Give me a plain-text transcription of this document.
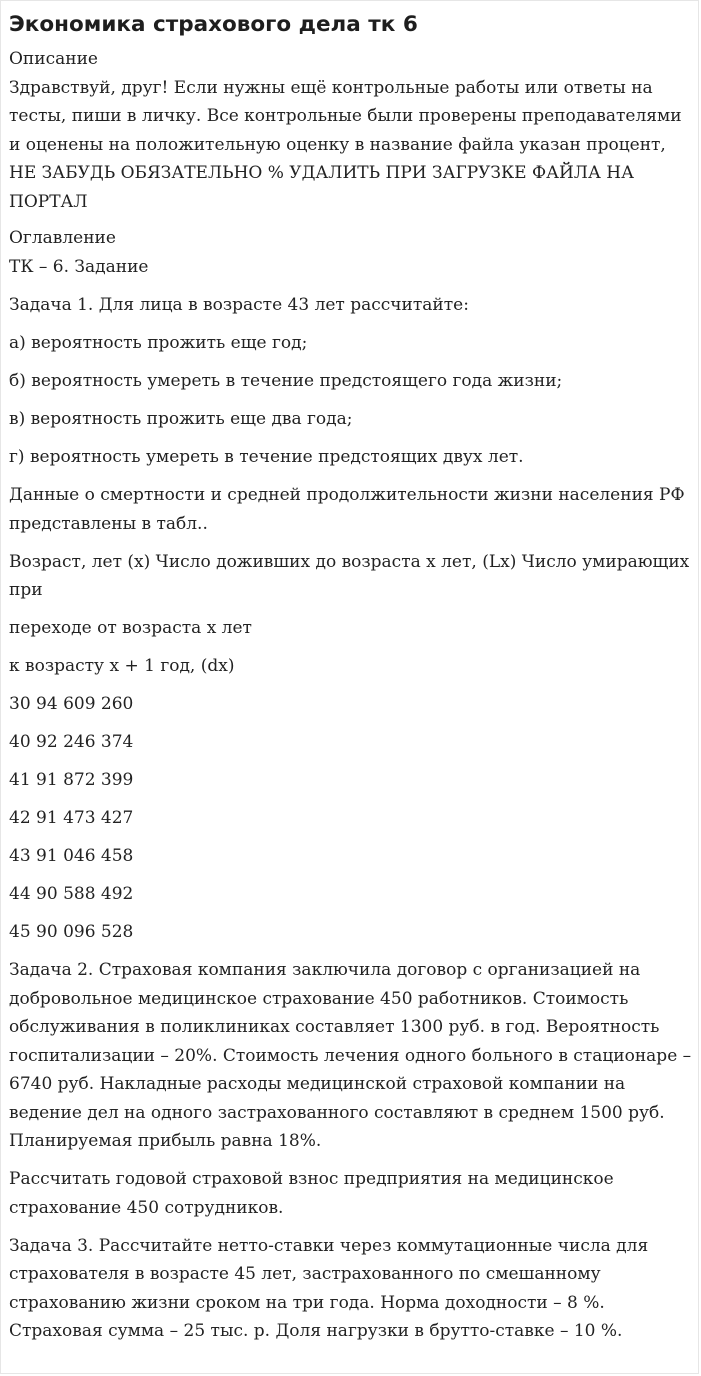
Экономика страхового дела тк 6
Описание
Здравствуй, друг! Если нужны ещё контрольные работы или ответы на тесты, пиши в личку. Все контрольные были проверены преподавателями и оценены на положительную оценку в название файла указан процент, НЕ ЗАБУДЬ ОБЯЗАТЕЛЬНО % УДАЛИТЬ ПРИ ЗАГРУЗКЕ ФАЙЛА НА ПОРТАЛ
Оглавление
ТК – 6. Задание

Задача 1. Для лица в возрасте 43 лет рассчитайте:

а) вероятность прожить еще год;

б) вероятность умереть в течение предстоящего года жизни;

в) вероятность прожить еще два года;

г) вероятность умереть в течение предстоящих двух лет.

Данные о смертности и средней продолжительности жизни населения РФ представлены в табл..

Возраст, лет (х) Число доживших до возраста х лет, (Lх) Число умирающих при

переходе от возраста х лет

к возрасту х + 1 год, (dх)

30 94 609 260

40 92 246 374

41 91 872 399

42 91 473 427

43 91 046 458

44 90 588 492

45 90 096 528

Задача 2. Страховая компания заключила договор с организацией на добровольное медицинское страхование 450 работников. Стоимость обслуживания в поликлиниках составляет 1300 руб. в год. Вероятность госпитализации – 20%. Стоимость лечения одного больного в стационаре – 6740 руб. Накладные расходы медицинской страховой компании на ведение дел на одного застрахованного составляют в среднем 1500 руб. Планируемая прибыль равна 18%.

Рассчитать годовой страховой взнос предприятия на медицинское страхование 450 сотрудников.

Задача 3. Рассчитайте нетто-ставки через коммутационные числа для страхователя в возрасте 45 лет, застрахованного по смешанному страхованию жизни сроком на три года. Норма доходности – 8 %. Страховая сумма – 25 тыс. р. Доля нагрузки в брутто-ставке – 10 %.
